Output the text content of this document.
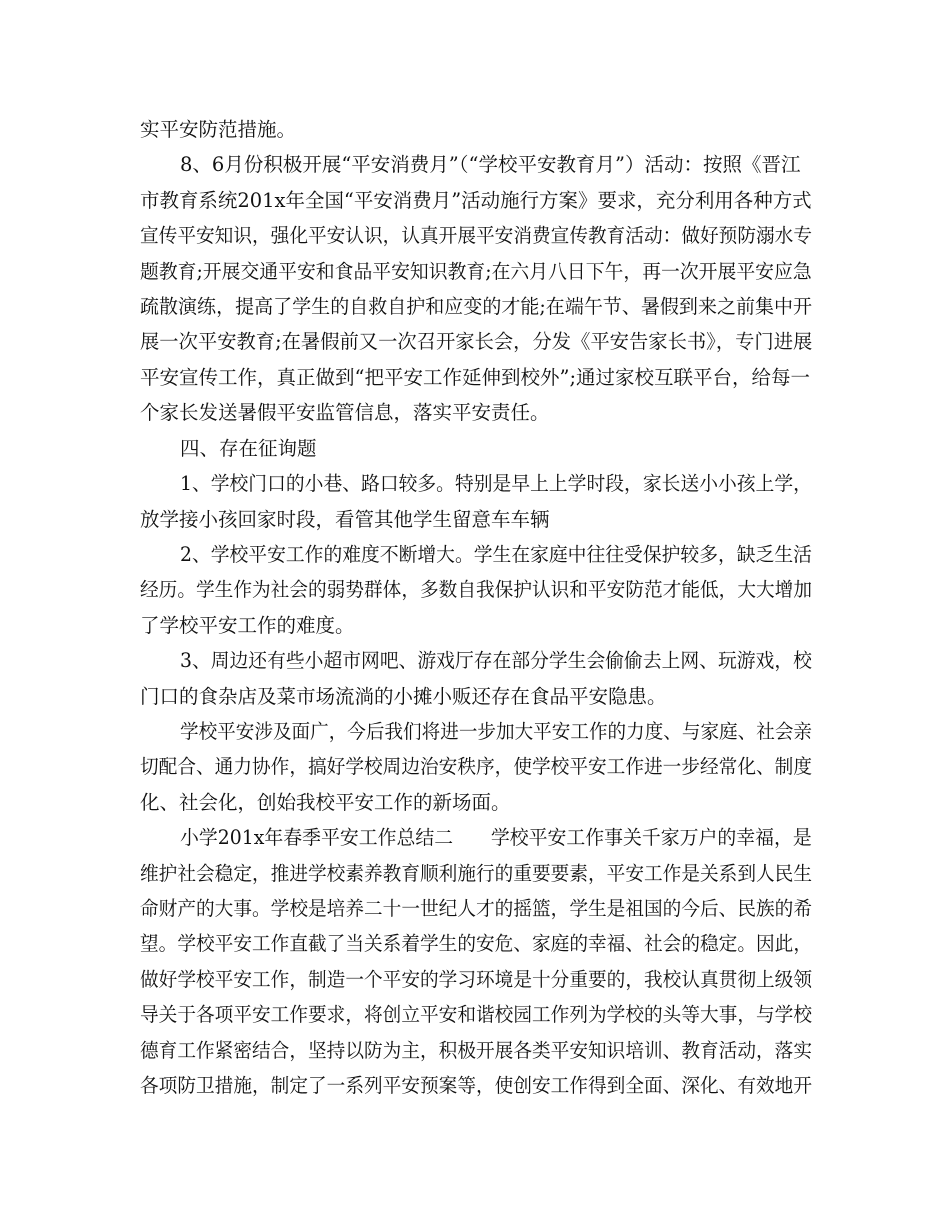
实平安防范措施。
8、6月份积极开展“平安消费月”（“学校平安教育月”）活动：按照《晋江
市教育系统201x年全国“平安消费月”活动施行方案》要求，充分利用各种方式
宣传平安知识，强化平安认识，认真开展平安消费宣传教育活动：做好预防溺水专
题教育;开展交通平安和食品平安知识教育;在六月八日下午，再一次开展平安应急
疏散演练，提高了学生的自救自护和应变的才能;在端午节、暑假到来之前集中开
展一次平安教育;在暑假前又一次召开家长会，分发《平安告家长书》，专门进展
平安宣传工作，真正做到“把平安工作延伸到校外”;通过家校互联平台，给每一
个家长发送暑假平安监管信息，落实平安责任。
四、存在征询题
1、学校门口的小巷、路口较多。特别是早上上学时段，家长送小小孩上学，
放学接小孩回家时段，看管其他学生留意车车辆
2、学校平安工作的难度不断增大。学生在家庭中往往受保护较多，缺乏生活
经历。学生作为社会的弱势群体，多数自我保护认识和平安防范才能低，大大增加
了学校平安工作的难度。
3、周边还有些小超市网吧、游戏厅存在部分学生会偷偷去上网、玩游戏，校
门口的食杂店及菜市场流淌的小摊小贩还存在食品平安隐患。
学校平安涉及面广，今后我们将进一步加大平安工作的力度、与家庭、社会亲
切配合、通力协作，搞好学校周边治安秩序，使学校平安工作进一步经常化、制度
化、社会化，创始我校平安工作的新场面。
小学201x年春季平安工作总结二　　学校平安工作事关千家万户的幸福，是
维护社会稳定，推进学校素养教育顺利施行的重要要素，平安工作是关系到人民生
命财产的大事。学校是培养二十一世纪人才的摇篮，学生是祖国的今后、民族的希
望。学校平安工作直截了当关系着学生的安危、家庭的幸福、社会的稳定。因此，
做好学校平安工作，制造一个平安的学习环境是十分重要的，我校认真贯彻上级领
导关于各项平安工作要求，将创立平安和谐校园工作列为学校的头等大事，与学校
德育工作紧密结合，坚持以防为主，积极开展各类平安知识培训、教育活动，落实
各项防卫措施，制定了一系列平安预案等，使创安工作得到全面、深化、有效地开
